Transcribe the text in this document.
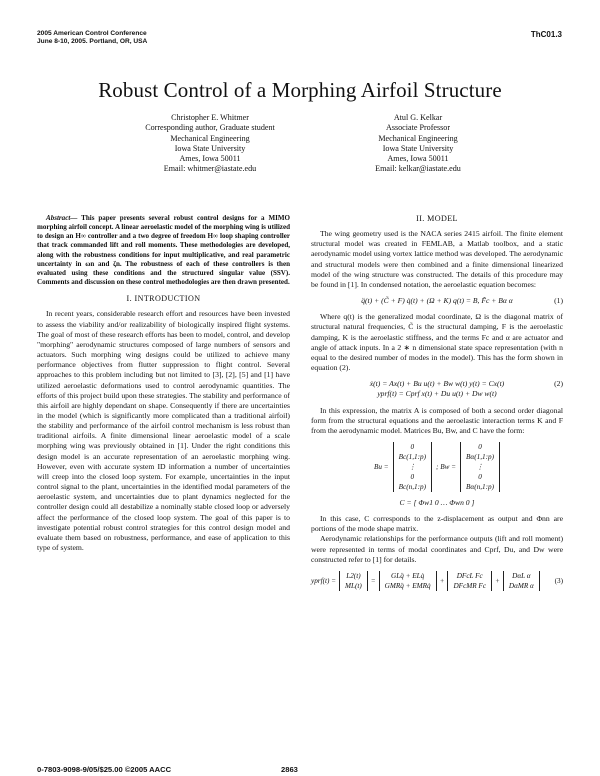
2005 American Control Conference
June 8-10, 2005. Portland, OR, USA
ThC01.3
Robust Control of a Morphing Airfoil Structure
Christopher E. Whitmer
Corresponding author, Graduate student
Mechanical Engineering
Iowa State University
Ames, Iowa 50011
Email: whitmer@iastate.edu
Atul G. Kelkar
Associate Professor
Mechanical Engineering
Iowa State University
Ames, Iowa 50011
Email: kelkar@iastate.edu

Abstract— This paper presents several robust control designs for a MIMO morphing airfoil concept. A linear aeroelastic model of the morphing wing is utilized to design an H∞ controller and a two degree of freedom H∞ loop shaping controller that track commanded lift and roll moments. These methodologies are developed, along with the robustness conditions for input multiplicative, and real parametric uncertainty in ωn and ζn. The robustness of each of these controllers is then evaluated using these conditions and the structured singular value (SSV). Comments and discussion on these control methodologies are then drawn presented.

I. INTRODUCTION

In recent years, considerable research effort and resources have been invested to assess the viability and/or realizability of biologically inspired flight systems. The goal of most of these research efforts has been to model, control, and develop "morphing" aerodynamic structures composed of large numbers of sensors and actuators. Such morphing wing designs could be utilized to achieve many performance objectives from flutter suppression to flight control. Several approaches to this problem including but not limited to [3], [2], [5] and [1] have utilized aeroelastic deformations used to control aerodynamic quantities. The efforts of this project build upon these strategies. The stability and performance of this airfoil are highly dependant on shape. Consequently if there are uncertainties in the model (which is significantly more complicated than a traditional airfoil) the stability and performance of the airfoil control mechanism is less robust than traditional airfoils. A finite dimensional linear aeroelastic model of a scale morphing wing was previously obtained in [1]. Under the right conditions this design model is an accurate representation of an aeroelastic morphing wing. However, even with accurate system ID information a number of uncertainties will creep into the closed loop system. For example, uncertainties in the input control signal to the plant, uncertainties in the identified modal parameters of the aeroelastic system, and uncertainties due to plant dynamics neglected for the controller design could all destabilize a nominally stable closed loop or adversely affect the performance of the closed loop system. The goal of this paper is to investigate potential robust control strategies for this control design model and evaluate them based on robustness, performance, and ease of application to this type of system.

II. MODEL

The wing geometry used is the NACA series 2415 airfoil. The finite element structural model was created in FEMLAB, a Matlab toolbox, and a static aerodynamic model using vortex lattice method was developed. The aerodynamic and structural models were then combined and a finite dimensional linearized model of the wing structure was constructed. The details of this procedure may be found in [1]. In condensed notation, the aeroelastic equation becomes:

q̈(t) + (C̃ + F) q̇(t) + (Ω + K) q(t) = B, F̃c + Bα α	(1)

Where q(t) is the generalized modal coordinate, Ω is the diagonal matrix of structural natural frequencies, C̃ is the structural damping, F is the aeroelastic damping, K is the aeroelastic stiffness, and the terms Fc and α are actuator and angle of attack inputs. In a 2 ∗ n dimensional state space representation (with n equal to the desired number of modes in the model). This has the form shown in equation (2).

ẋ(t) = Ax(t) + Bu u(t) + Bw w(t) y(t) = Cx(t)
yprf(t) = Cprf x(t) + Du u(t) + Dw w(t)
(2)

In this expression, the matrix A is composed of both a second order diagonal form from the structural equations and the aeroelastic interaction terms K and F from the aerodynamic model. Matrices Bu, Bw, and C have the form:

Bu =
0
Bc(1,1:p)
⋮
0
Bc(n,1:p)
; Bw =
0
Bα(1,1:p)
⋮
0
Bα(n,1:p)
C = [ Φw1 0 … Φwn 0 ]

In this case, C corresponds to the z-displacement as output and Φnn are portions of the mode shape matrix.

Aerodynamic relationships for the performance outputs (lift and roll moment) were represented in terms of modal coordinates and Cprf, Du, and Dw were constructed refer to [1] for details.

yprf(t) =
L2(t)
ML(t)
=
GLq̈ + ELq̇
GMRq̈ + EMRq̇
+
DFcL Fc
DFcMR Fc
+
DαL α
DαMR α
(3)
0-7803-9098-9/05/$25.00 ©2005 AACC	2863
